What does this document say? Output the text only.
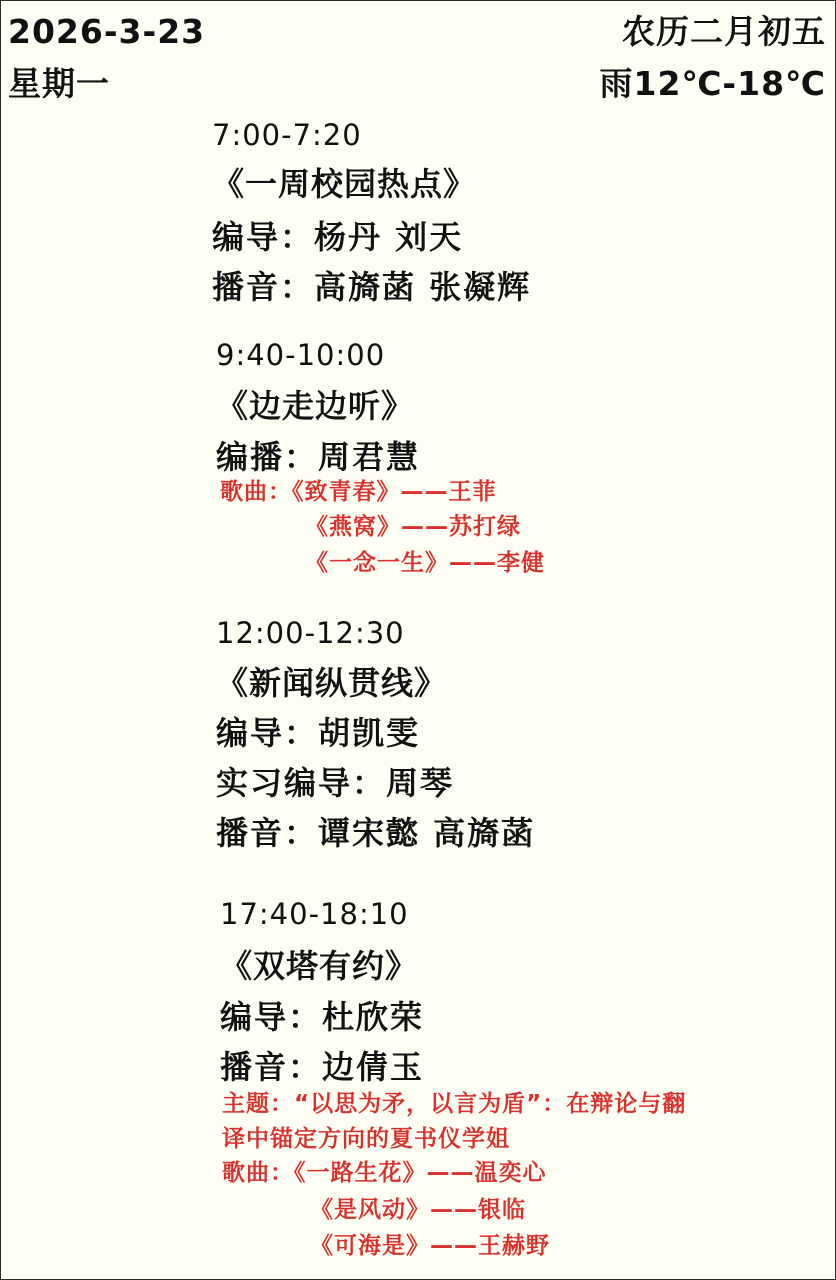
2026-3-23
星期一
农历二月初五
雨12℃-18℃
7:00-7:20
《一周校园热点》
编导：杨丹 刘天
播音：高旖菡 张凝辉
9:40-10:00
《边走边听》
编播：周君慧
歌曲：《致青春》——王菲
《燕窝》——苏打绿
《一念一生》——李健
12:00-12:30
《新闻纵贯线》
编导：胡凯雯
实习编导：周琴
播音：谭宋懿 高旖菡
17:40-18:10
《双塔有约》
编导：杜欣荣
播音：边倩玉
主题：“以思为矛，以言为盾”：在辩论与翻
译中锚定方向的夏书仪学姐
歌曲：《一路生花》——温奕心
《是风动》——银临
《可海是》——王赫野
